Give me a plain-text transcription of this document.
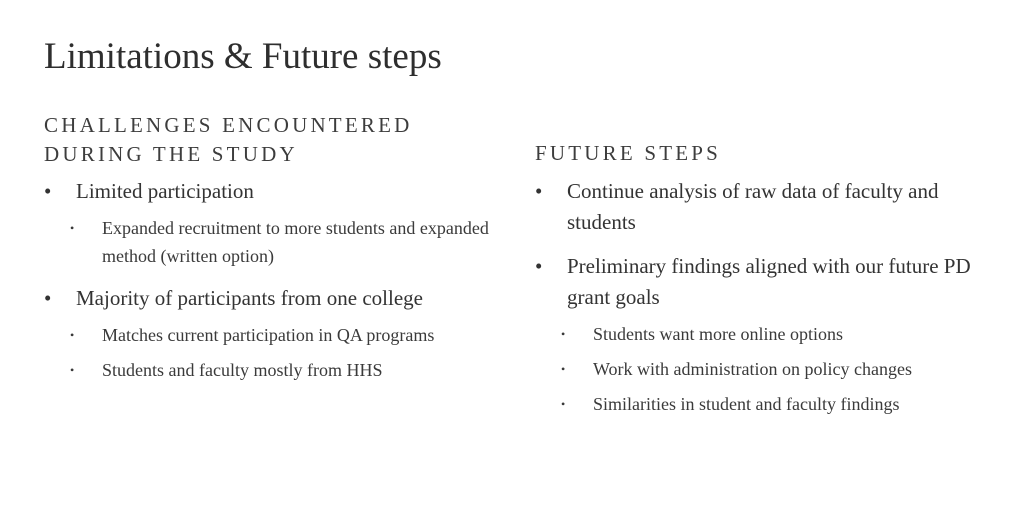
Limitations & Future steps
CHALLENGES ENCOUNTERED
DURING THE STUDY
•	Limited participation
• Expanded recruitment to more students and expanded method (written option)
•	Majority of participants from one college
• Matches current participation in QA programs
• Students and faculty mostly from HHS
FUTURE STEPS
•	Continue analysis of raw data of faculty and students
•	Preliminary findings aligned with our future PD grant goals
• Students want more online options
• Work with administration on policy changes
• Similarities in student and faculty findings
